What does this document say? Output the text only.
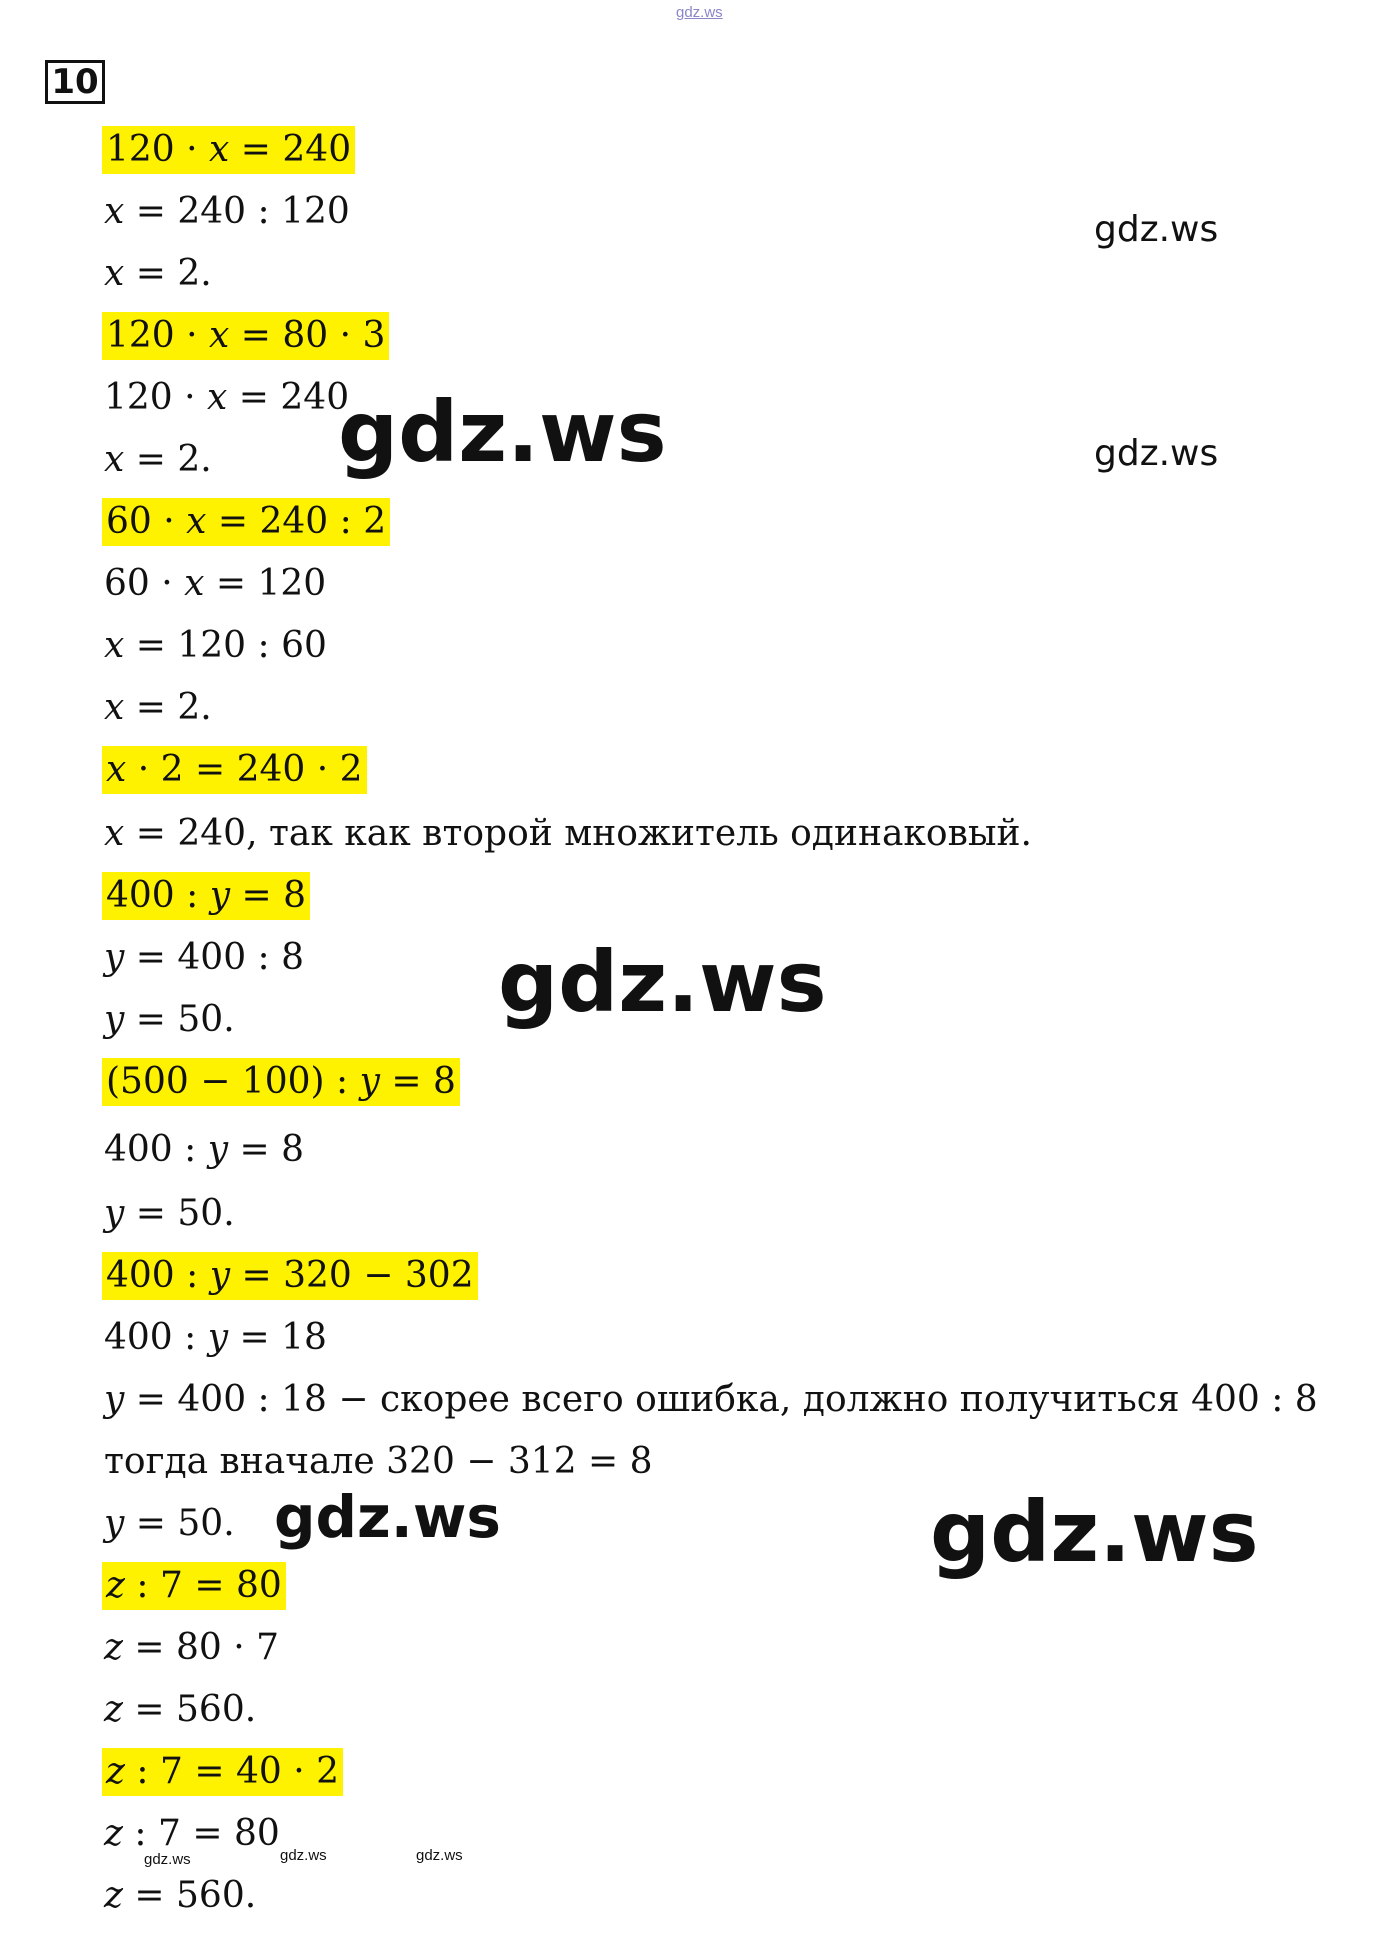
gdz.ws
10
120 · 𝑥 = 240
𝑥 = 240 : 120
𝑥 = 2.
120 · 𝑥 = 80 · 3
120 · 𝑥 = 240
𝑥 = 2.
60 · 𝑥 = 240 : 2
60 · 𝑥 = 120
𝑥 = 120 : 60
𝑥 = 2.
𝑥 · 2 = 240 · 2
𝑥 = 240, так как второй множитель одинаковый.
400 : 𝑦 = 8
𝑦 = 400 : 8
𝑦 = 50.
(500 − 100) : 𝑦 = 8
400 : 𝑦 = 8
𝑦 = 50.
400 : 𝑦 = 320 − 302
400 : 𝑦 = 18
𝑦 = 400 : 18 − скорее всего ошибка, должно получиться 400 : 8
тогда вначале 320 − 312 = 8
𝑦 = 50.
𝑧 : 7 = 80
𝑧 = 80 · 7
𝑧 = 560.
𝑧 : 7 = 40 · 2
𝑧 : 7 = 80
𝑧 = 560.
gdz.ws
gdz.ws
gdz.ws
gdz.ws
gdz.ws	gdz.ws
gdz.ws	gdz.ws	gdz.ws
